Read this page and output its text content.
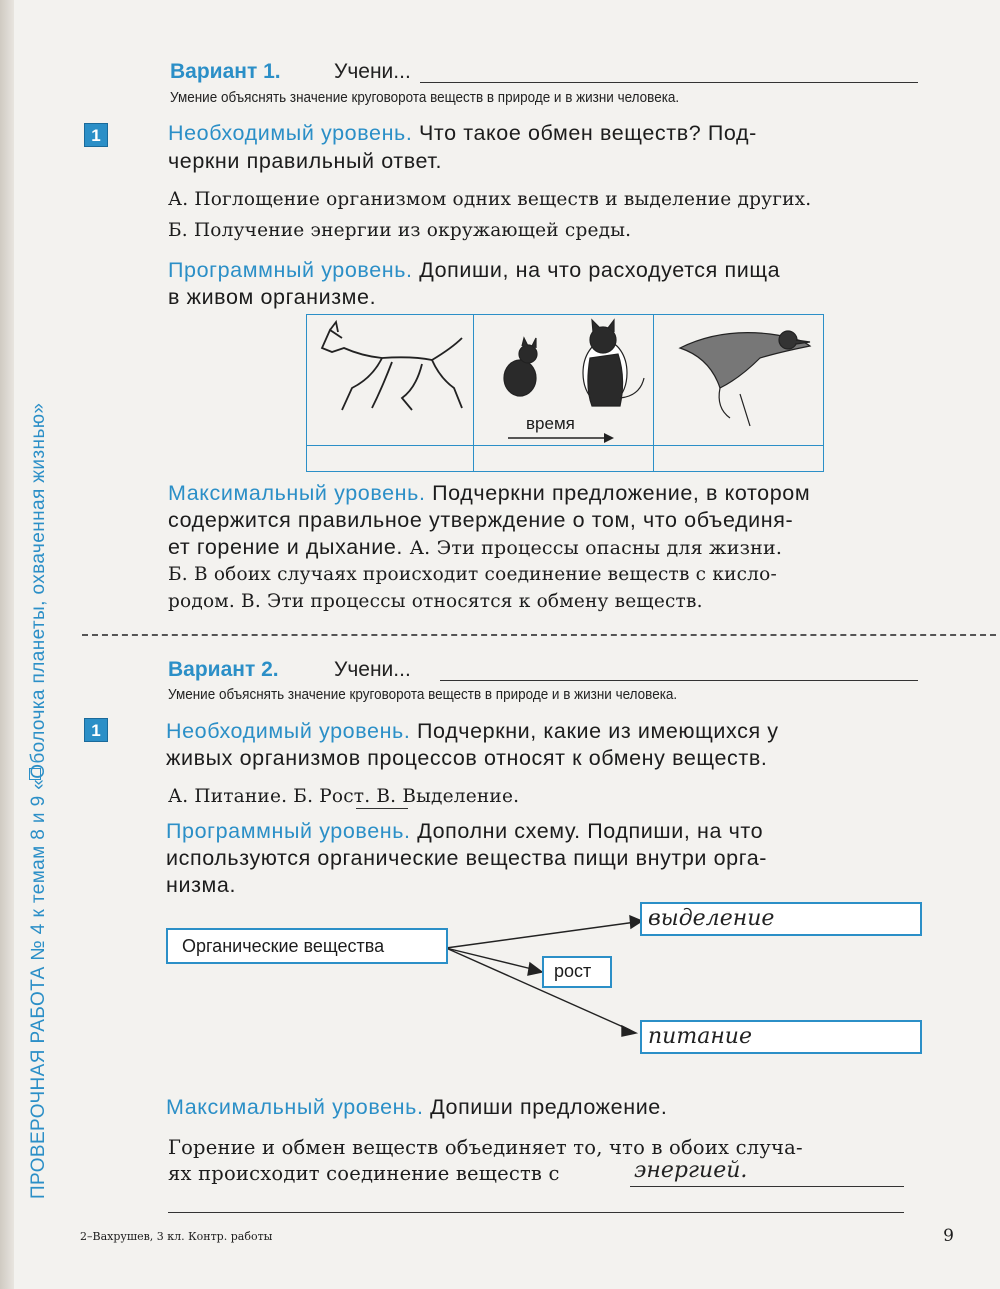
ПРОВЕРОЧНАЯ РАБОТА № 4 к темам 8 и 9 «Оболочка планеты, охваченная жизнью»
Вариант 1.	Учени...
Умение объяснять значение круговорота веществ в природе и в жизни человека.
1	Необходимый уровень. Что такое обмен веществ? Под-
черкни правильный ответ.
А. Поглощение организмом одних веществ и выделение других.
Б. Получение энергии из окружающей среды.
Программный уровень. Допиши, на что расходуется пища
в живом организме.
время
Максимальный уровень. Подчеркни предложение, в котором
содержится правильное утверждение о том, что объединя-
ет горение и дыхание. А. Эти процессы опасны для жизни.
Б. В обоих случаях происходит соединение веществ с кисло-
родом. В. Эти процессы относятся к обмену веществ.
Вариант 2.	Учени...
Умение объяснять значение круговорота веществ в природе и в жизни человека.
1	Необходимый уровень. Подчеркни, какие из имеющихся у
живых организмов процессов относят к обмену веществ.
А. Питание. Б. Рост. В. Выделение.
Программный уровень. Дополни схему. Подпиши, на что
используются органические вещества пищи внутри орга-
низма.
Органические вещества
рост
выделение
питание
Максимальный уровень. Допиши предложение.
Горение и обмен веществ объединяет то, что в обоих случа-
ях происходит соединение веществ с	энергией.
2–Вахрушев, 3 кл. Контр. работы	9
